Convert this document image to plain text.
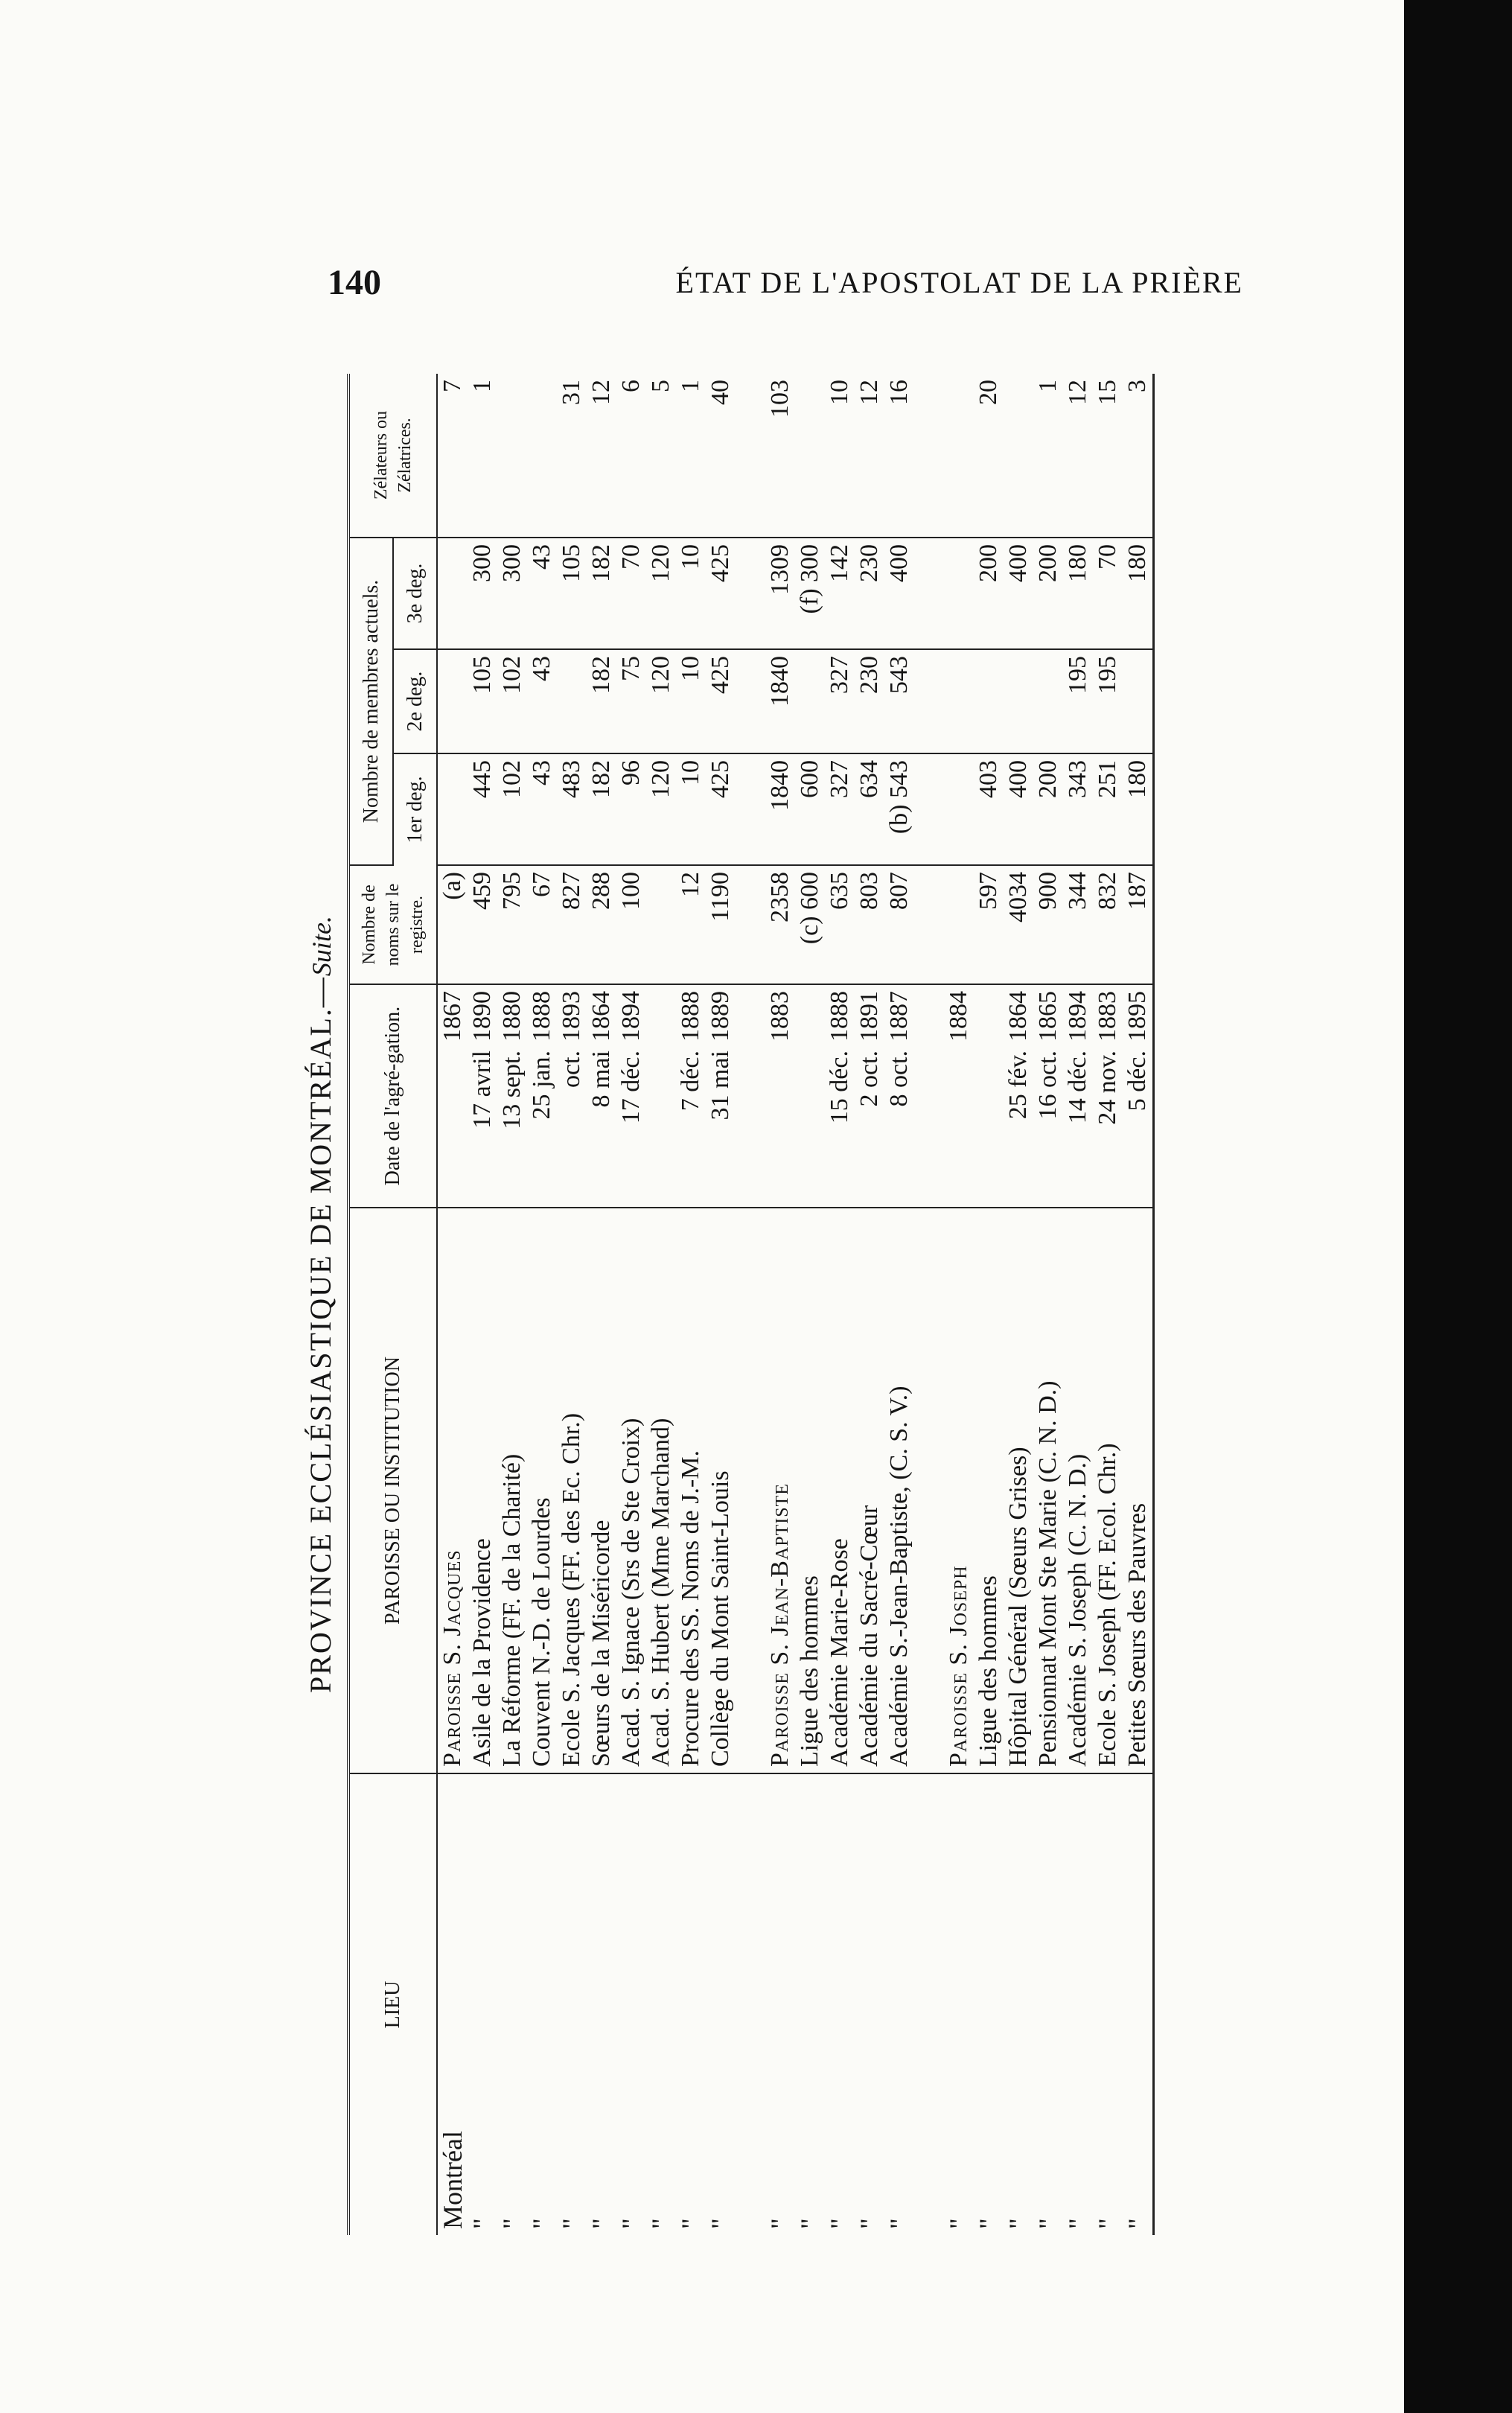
140	ÉTAT DE L'APOSTOLAT DE LA PRIÈRE
PROVINCE ECCLÉSIASTIQUE DE MONTRÉAL.—Suite.
LIEU	PAROISSE OU INSTITUTION	Date de l'agré-gation.	Nombre de noms sur le registre.	Nombre de membres actuels.			Zélateurs ou Zélatrices.
				1er deg.	2e deg.	3e deg.	
Montréal	Paroisse S. Jacques	1867	(a)				7
"	Asile de la Providence	17 avril1890	459	445	105	300	1
"	La Réforme (FF. de la Charité)	13 sept.1880	795	102	102	300	
"	Couvent N.-D. de Lourdes	25 jan.1888	67	43	43	43	
"	Ecole S. Jacques (FF. des Ec. Chr.)	oct.1893	827	483		105	31
"	Sœurs de la Miséricorde	8 mai1864	288	182	182	182	12
"	Acad. S. Ignace (Srs de Ste Croix)	17 déc.1894	100	96	75	70	6
"	Acad. S. Hubert (Mme Marchand)			120	120	120	5
"	Procure des SS. Noms de J.-M.	7 déc.1888	12	10	10	10	1
"	Collège du Mont Saint-Louis	31 mai1889	1190	425	425	425	40

"	Paroisse S. Jean-Baptiste	1883	2358	1840	1840	1309	103
"	Ligue des hommes		(c) 600	600		(f) 300	
"	Académie Marie-Rose	15 déc.1888	635	327	327	142	10
"	Académie du Sacré-Cœur	2 oct.1891	803	634	230	230	12
"	Académie S.-Jean-Baptiste, (C. S. V.)	8 oct.1887	807	(b) 543	543	400	16

"	Paroisse S. Joseph	1884					
"	Ligue des hommes		597	403		200	20
"	Hôpital Général (Sœurs Grises)	25 fév.1864	4034	400		400	
"	Pensionnat Mont Ste Marie (C. N. D.)	16 oct.1865	900	200		200	1
"	Académie S. Joseph (C. N. D.)	14 déc.1894	344	343	195	180	12
"	Ecole S. Joseph (FF. Ecol. Chr.)	24 nov.1883	832	251	195	70	15
"	Petites Sœurs des Pauvres	5 déc.1895	187	180		180	3
